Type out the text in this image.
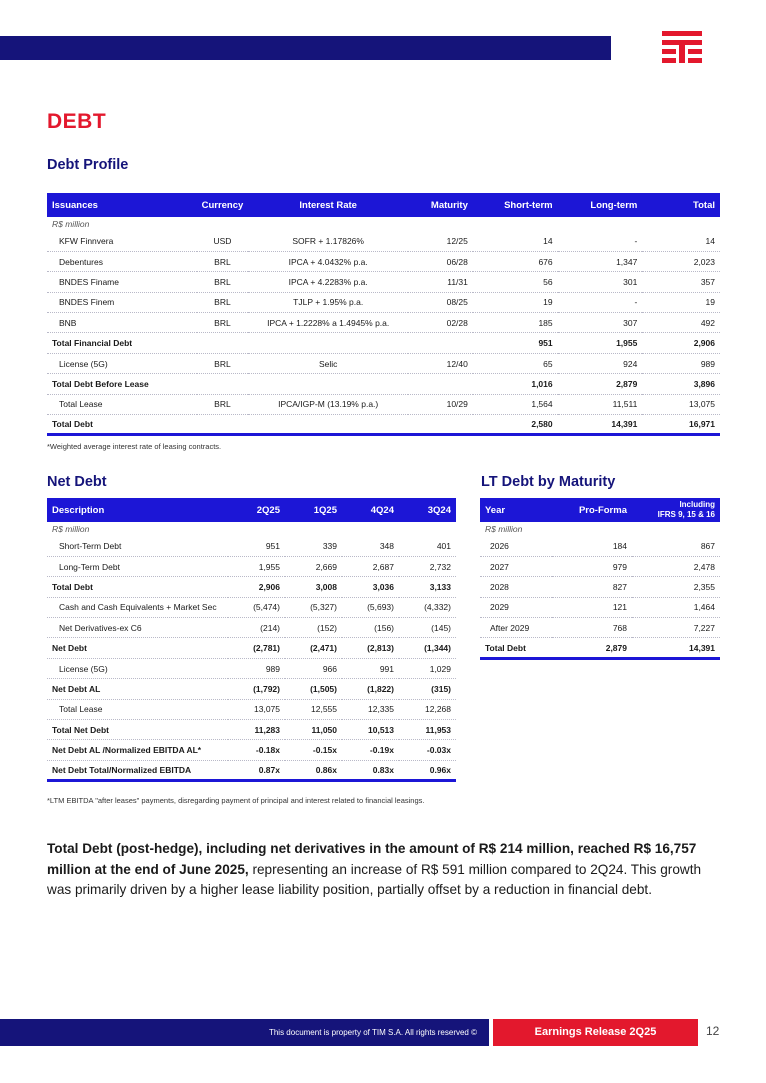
DEBT
Debt Profile
Issuances	Currency	Interest Rate	Maturity	Short-term	Long-term	Total
R$ million						
KFW Finnvera	USD	SOFR + 1.17826%	12/25	14	-	14
Debentures	BRL	IPCA + 4.0432% p.a.	06/28	676	1,347	2,023
BNDES Finame	BRL	IPCA + 4.2283% p.a.	11/31	56	301	357
BNDES Finem	BRL	TJLP + 1.95% p.a.	08/25	19	-	19
BNB	BRL	IPCA + 1.2228% a 1.4945% p.a.	02/28	185	307	492
Total Financial Debt				951	1,955	2,906
License (5G)	BRL	Selic	12/40	65	924	989
Total Debt Before Lease				1,016	2,879	3,896
Total Lease	BRL	IPCA/IGP-M (13.19% p.a.)	10/29	1,564	11,511	13,075
Total Debt				2,580	14,391	16,971
*Weighted average interest rate of leasing contracts.
Net Debt
Description	2Q25	1Q25	4Q24	3Q24
R$ million				
Short-Term Debt	951	339	348	401
Long-Term Debt	1,955	2,669	2,687	2,732
Total Debt	2,906	3,008	3,036	3,133
Cash and Cash Equivalents + Market Sec	(5,474)	(5,327)	(5,693)	(4,332)
Net Derivatives-ex C6	(214)	(152)	(156)	(145)
Net Debt	(2,781)	(2,471)	(2,813)	(1,344)
License (5G)	989	966	991	1,029
Net Debt AL	(1,792)	(1,505)	(1,822)	(315)
Total Lease	13,075	12,555	12,335	12,268
Total Net Debt	11,283	11,050	10,513	11,953
Net Debt AL /Normalized EBITDA AL*	-0.18x	-0.15x	-0.19x	-0.03x
Net Debt Total/Normalized EBITDA	0.87x	0.86x	0.83x	0.96x
*LTM EBITDA "after leases" payments, disregarding payment of principal and interest related to financial leasings.
LT Debt by Maturity
Year	Pro-Forma	Including
IFRS 9, 15 & 16
R$ million		
2026	184	867
2027	979	2,478
2028	827	2,355
2029	121	1,464
After 2029	768	7,227
Total Debt	2,879	14,391
Total Debt (post-hedge), including net derivatives in the amount of R$ 214 million, reached R$ 16,757 million at the end of June 2025, representing an increase of R$ 591 million compared to 2Q24. This growth was primarily driven by a higher lease liability position, partially offset by a reduction in financial debt.
This document is property of TIM S.A. All rights reserved ©	Earnings Release 2Q25	12
